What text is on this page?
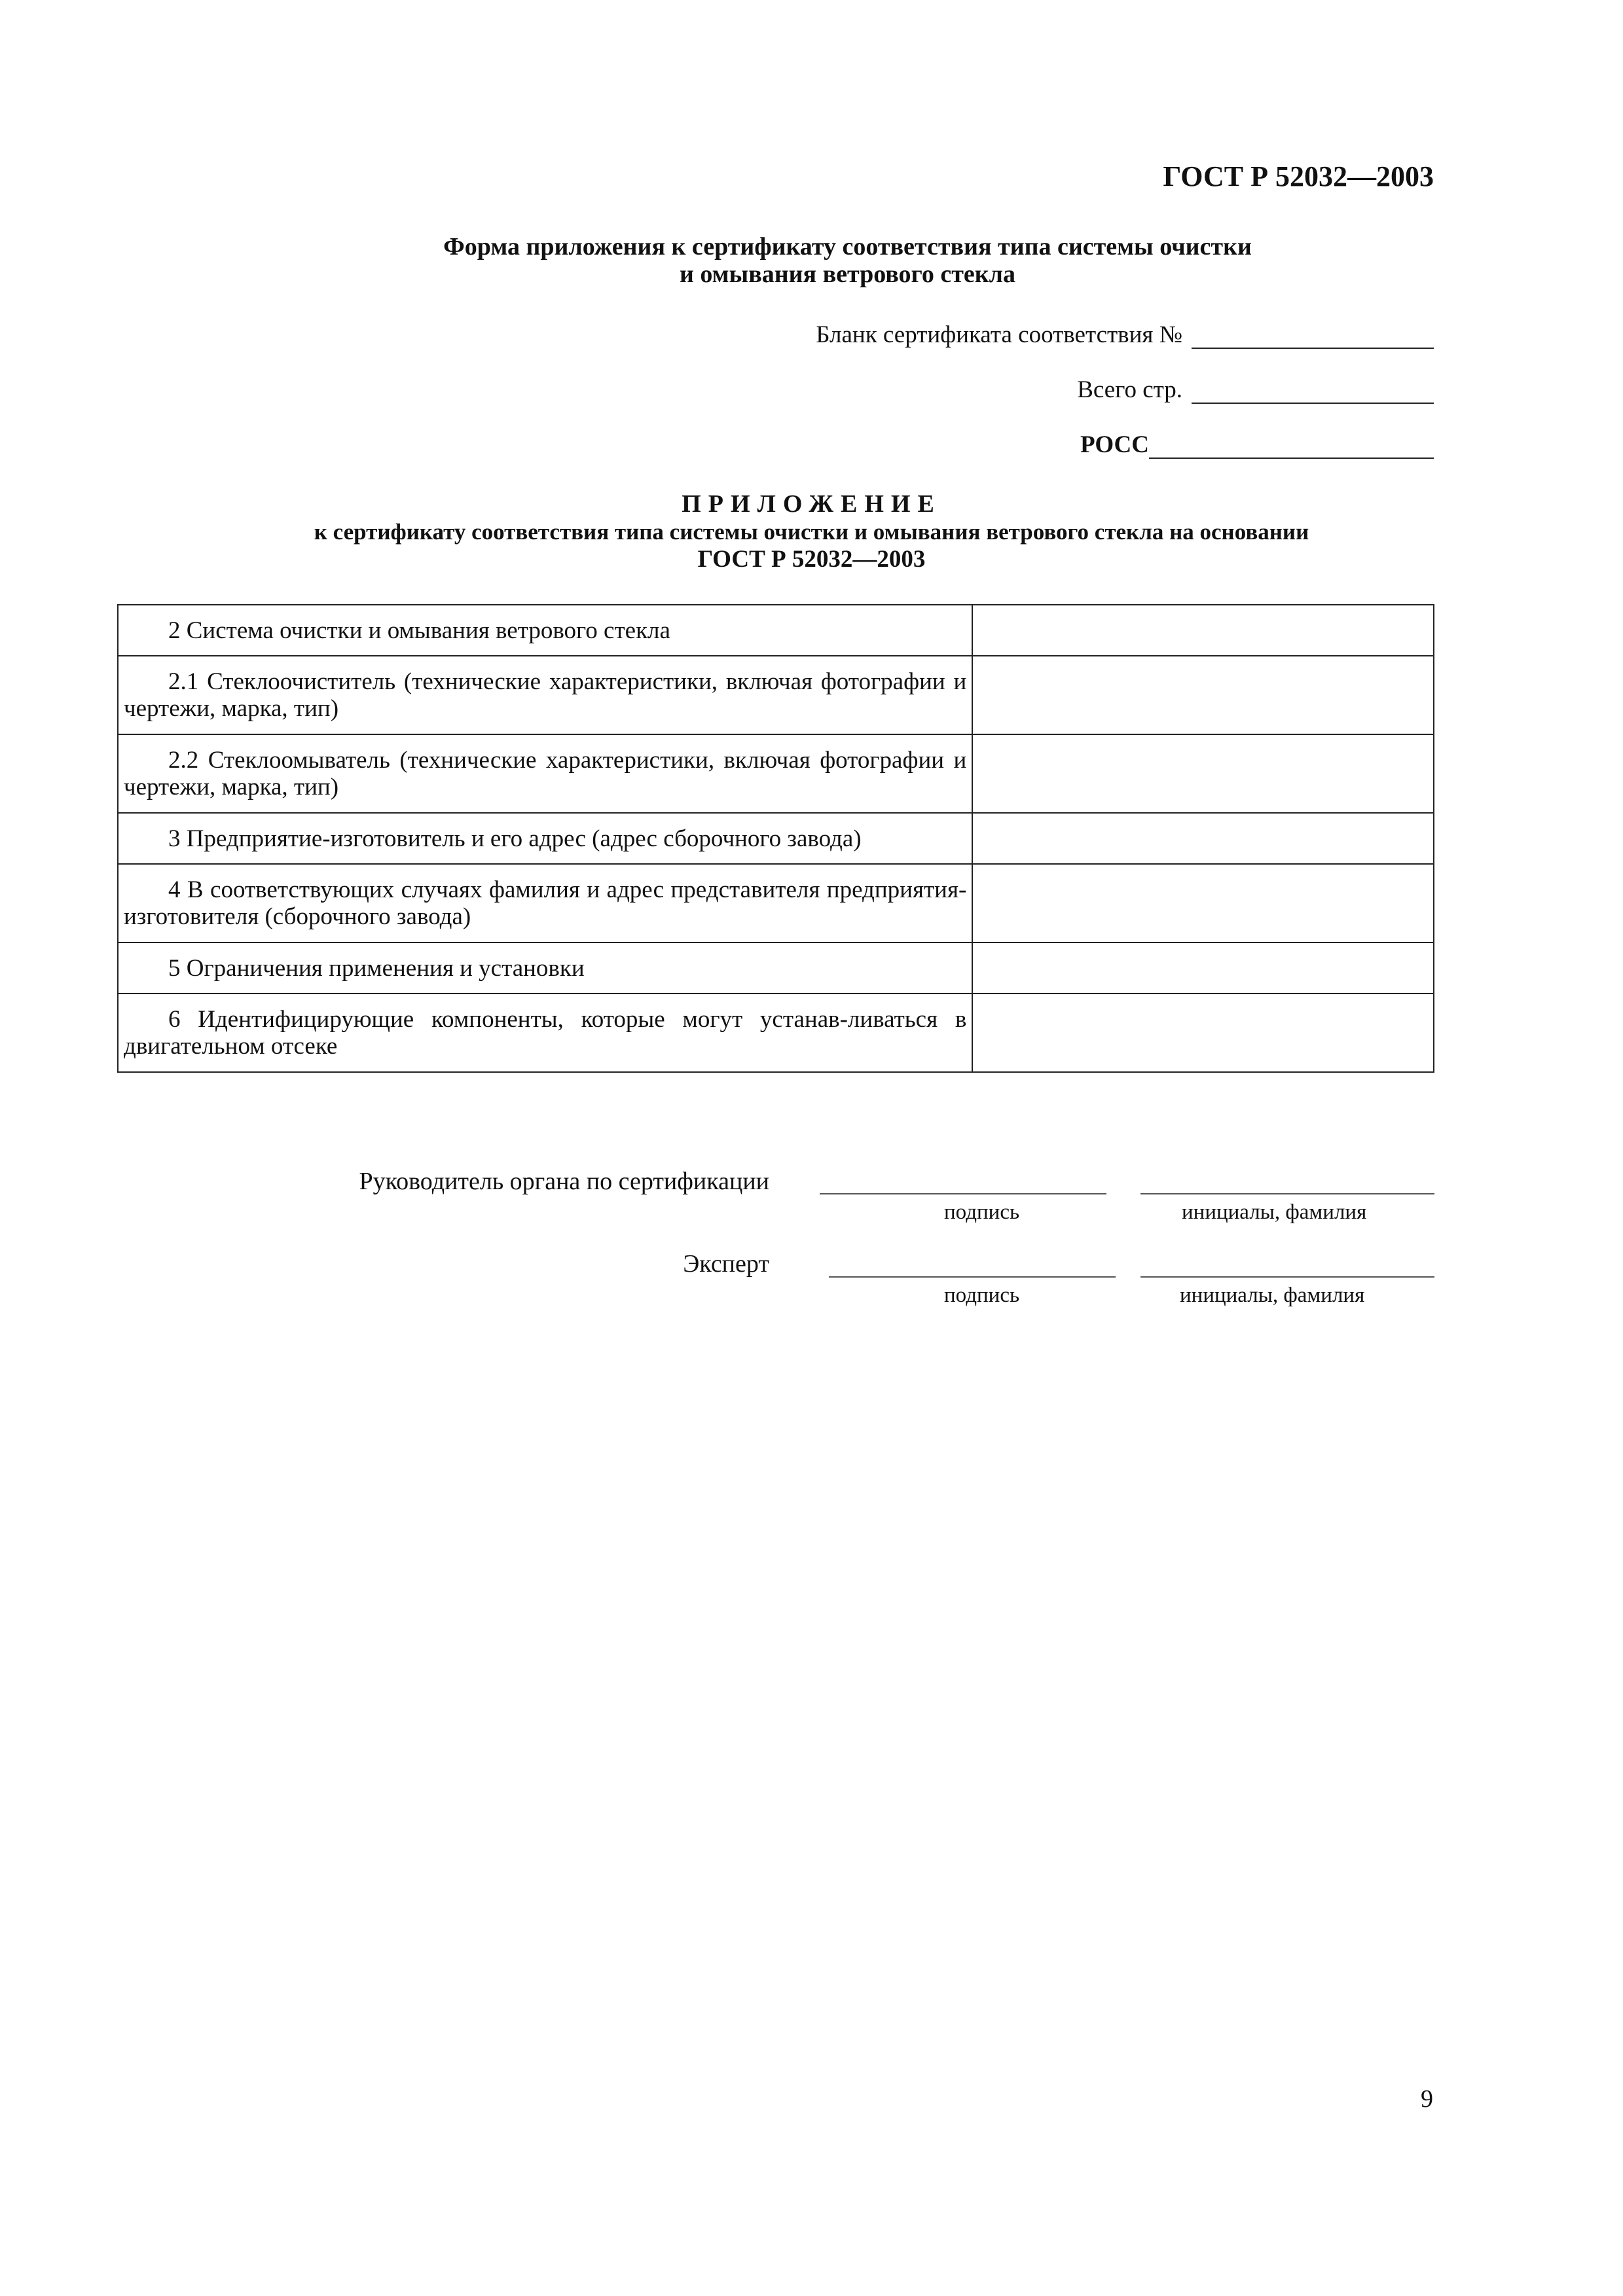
ГОСТ Р 52032—2003
Форма приложения к сертификату соответствия типа системы очистки
и омывания ветрового стекла
Бланк сертификата соответствия №
Всего стр.
РОСС
ПРИЛОЖЕНИЕ
к сертификату соответствия типа системы очистки и омывания ветрового стекла на основании
ГОСТ Р 52032—2003
2 Система очистки и омывания ветрового стекла	

2.1 Стеклоочиститель (технические характеристики, включая фотографии и чертежи, марка, тип)	

2.2 Стеклоомыватель (технические характеристики, включая фотографии и чертежи, марка, тип)	

3 Предприятие-изготовитель и его адрес (адрес сборочного завода)	

4 В соответствующих случаях фамилия и адрес представителя предприятия-изготовителя (сборочного завода)	

5 Ограничения применения и установки	

6 Идентифицирующие компоненты, которые могут устанав-ливаться в двигательном отсеке	

Руководитель органа по сертификации
подпись	инициалы, фамилия
Эксперт
подпись	инициалы, фамилия
9
